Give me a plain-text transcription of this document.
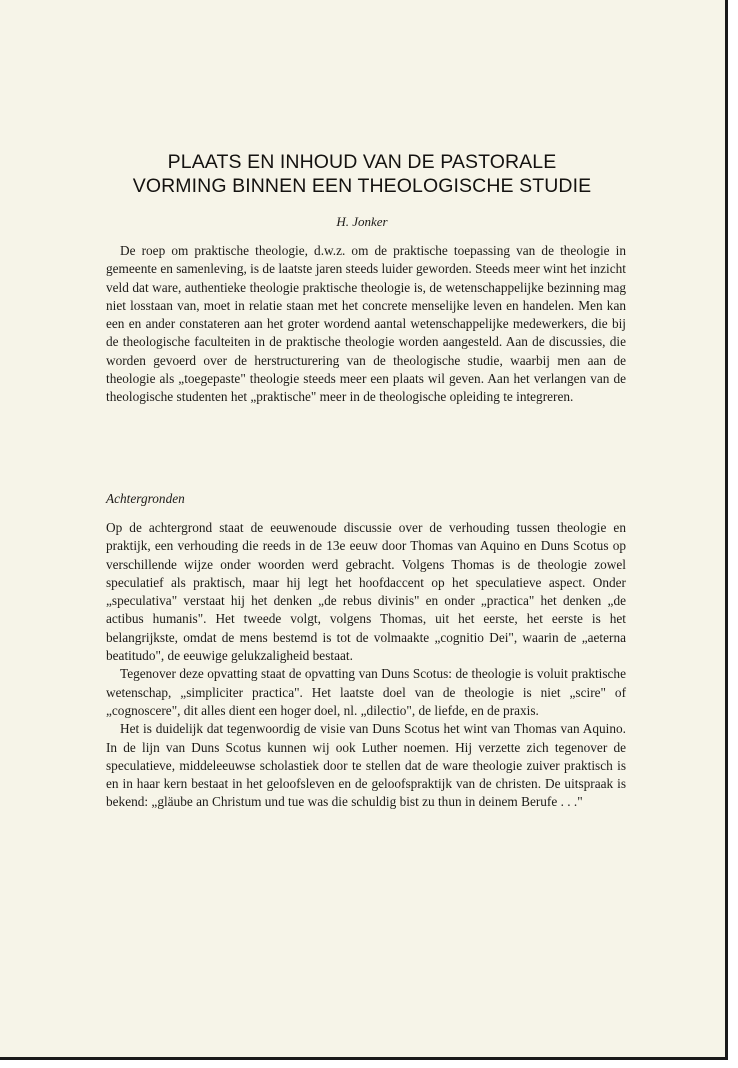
PLAATS EN INHOUD VAN DE PASTORALE
VORMING BINNEN EEN THEOLOGISCHE STUDIE
H. Jonker

De roep om praktische theologie, d.w.z. om de praktische toepassing van de theologie in gemeente en samenleving, is de laatste jaren steeds luider geworden. Steeds meer wint het inzicht veld dat ware, authentieke theologie praktische theologie is, de wetenschappelijke bezinning mag niet losstaan van, moet in relatie staan met het concrete menselijke leven en handelen. Men kan een en ander constateren aan het groter wordend aantal wetenschappelijke medewerkers, die bij de theologische faculteiten in de praktische theologie worden aangesteld. Aan de discussies, die worden gevoerd over de herstructurering van de theologische studie, waarbij men aan de theologie als „toegepaste" theologie steeds meer een plaats wil geven. Aan het verlangen van de theologische studenten het „praktische" meer in de theologische opleiding te integreren.

Achtergronden

Op de achtergrond staat de eeuwenoude discussie over de verhouding tussen theologie en praktijk, een verhouding die reeds in de 13e eeuw door Thomas van Aquino en Duns Scotus op verschillende wijze onder woorden werd gebracht. Volgens Thomas is de theologie zowel speculatief als praktisch, maar hij legt het hoofdaccent op het speculatieve aspect. Onder „speculativa" verstaat hij het denken „de rebus divinis" en onder „practica" het denken „de actibus humanis". Het tweede volgt, volgens Thomas, uit het eerste, het eerste is het belangrijkste, omdat de mens bestemd is tot de volmaakte „cognitio Dei", waarin de „aeterna beatitudo", de eeuwige gelukzaligheid bestaat.

Tegenover deze opvatting staat de opvatting van Duns Scotus: de theologie is voluit praktische wetenschap, „simpliciter practica". Het laatste doel van de theologie is niet „scire" of „cognoscere", dit alles dient een hoger doel, nl. „dilectio", de liefde, en de praxis.

Het is duidelijk dat tegenwoordig de visie van Duns Scotus het wint van Thomas van Aquino. In de lijn van Duns Scotus kunnen wij ook Luther noemen. Hij verzette zich tegenover de speculatieve, middeleeuwse scholastiek door te stellen dat de ware theologie zuiver praktisch is en in haar kern bestaat in het geloofsleven en de geloofspraktijk van de christen. De uitspraak is bekend: „gläube an Christum und tue was die schuldig bist zu thun in deinem Berufe . . ."
